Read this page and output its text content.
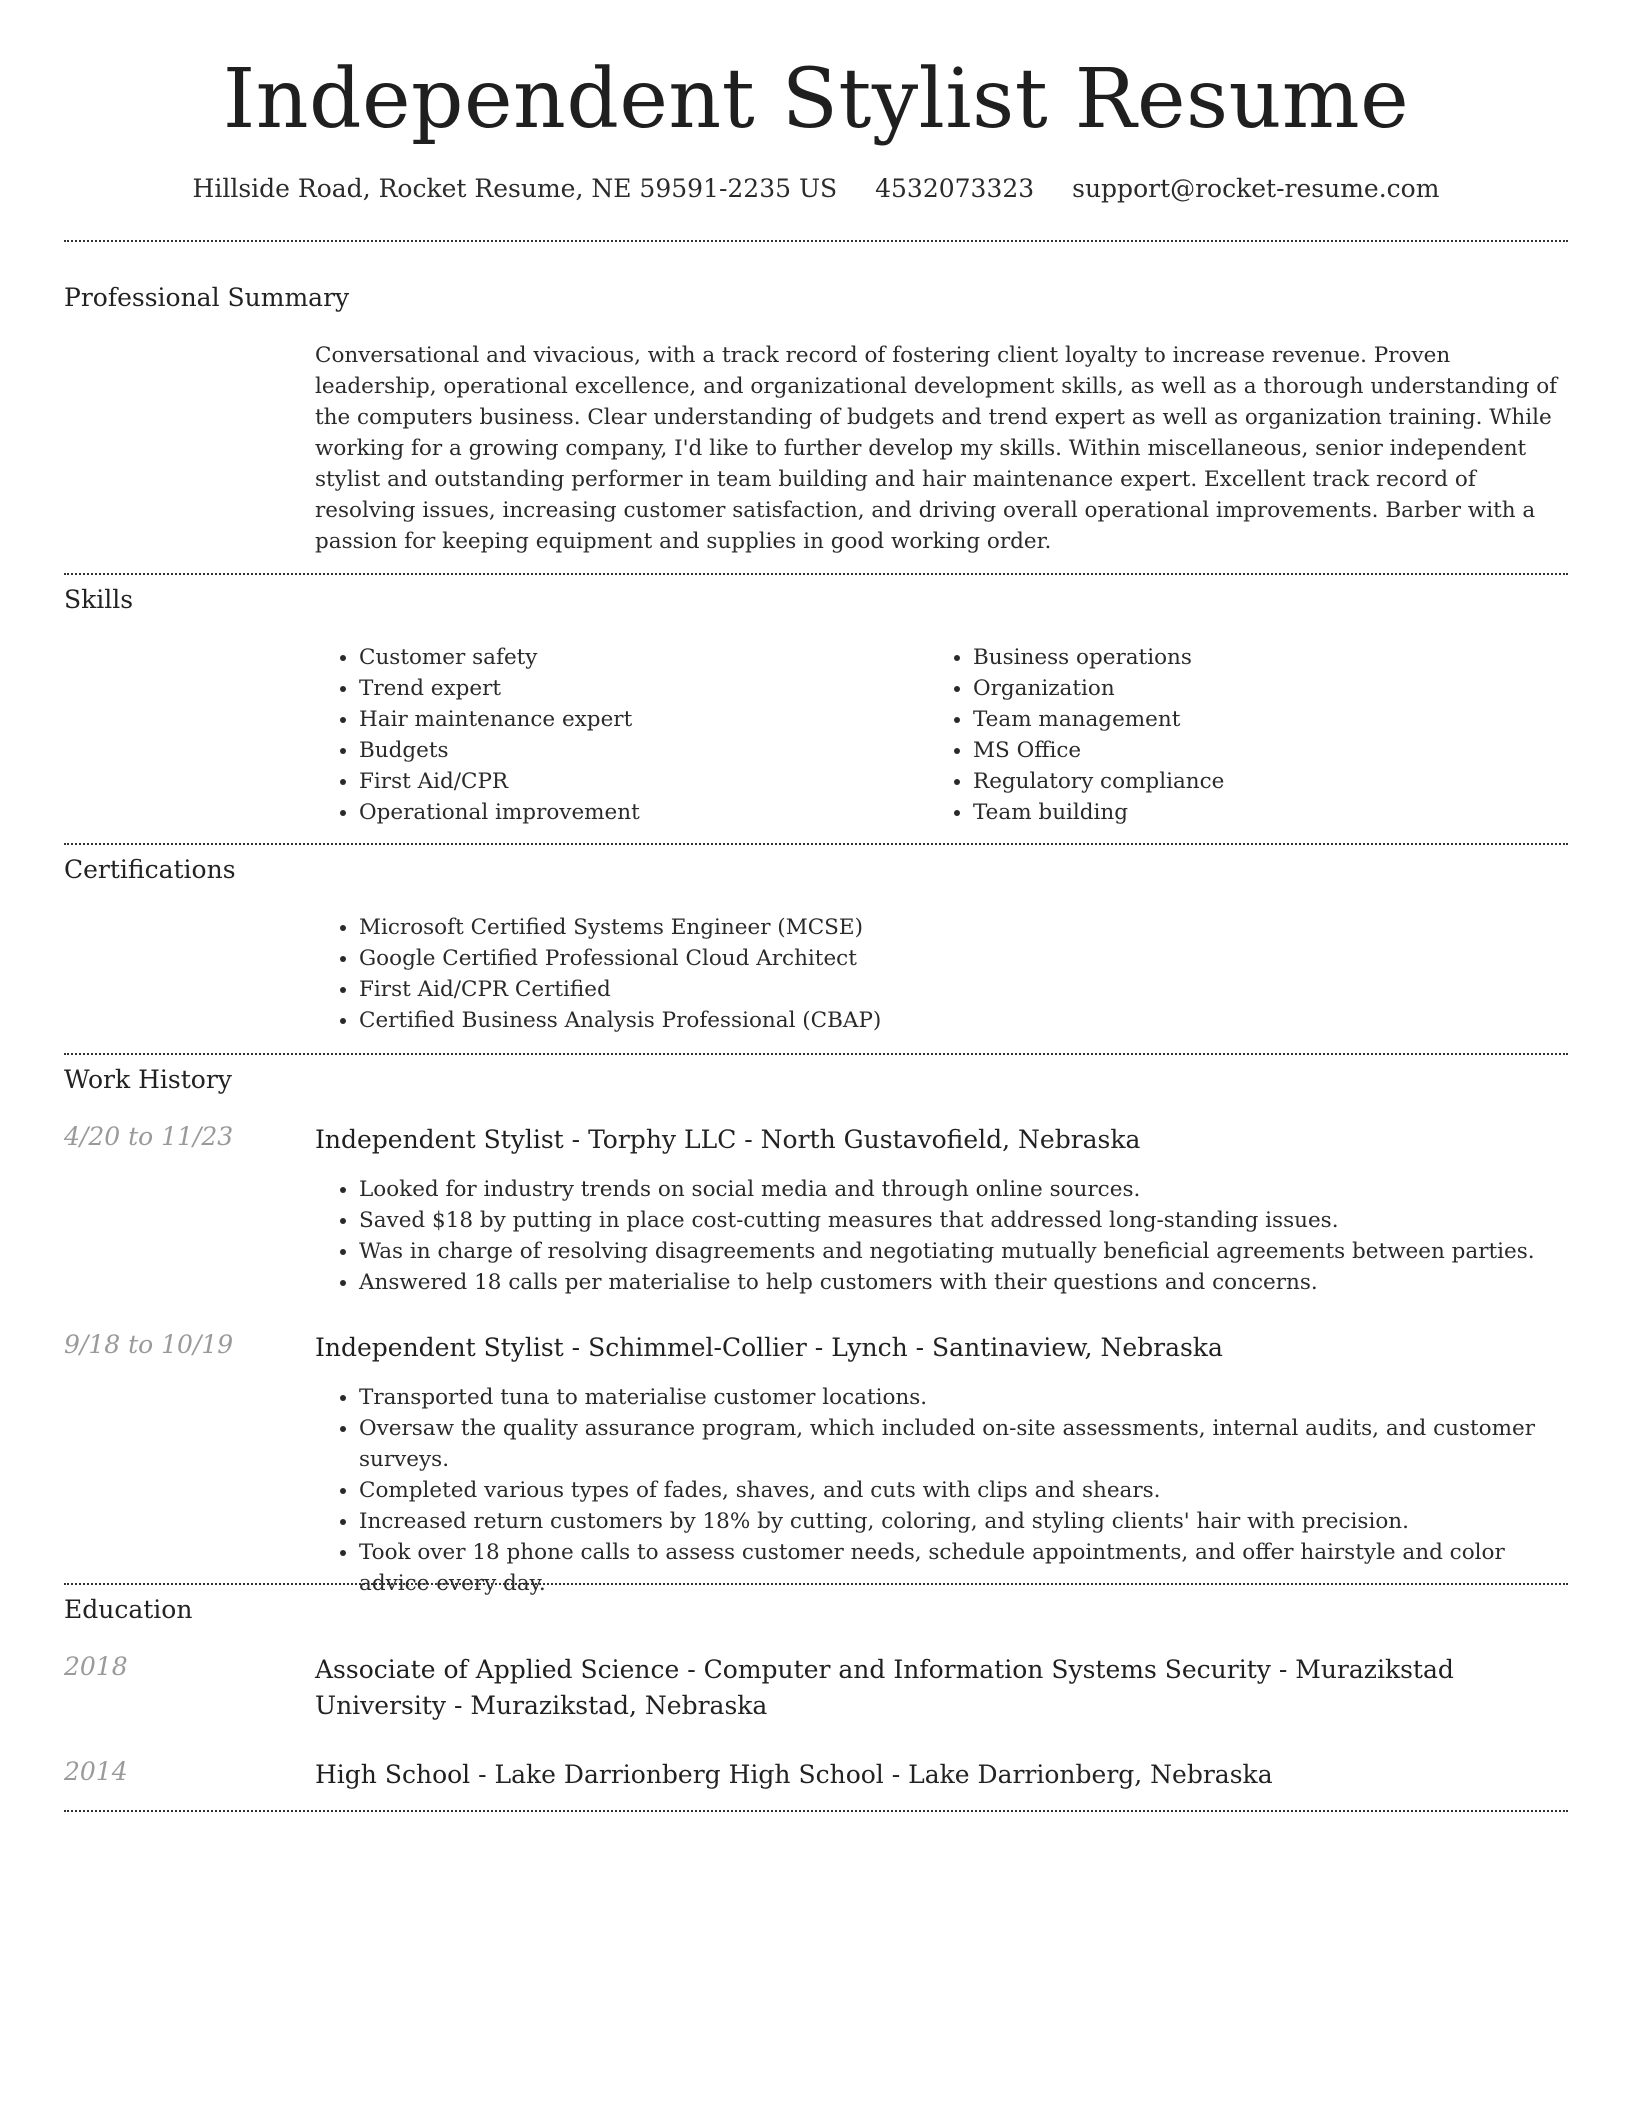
Independent Stylist Resume
Hillside Road, Rocket Resume, NE 59591-2235 US 4532073323 support@rocket-resume.com
Professional Summary

Conversational and vivacious, with a track record of fostering client loyalty to increase revenue. Proven leadership, operational excellence, and organizational development skills, as well as a thorough understanding of the computers business. Clear understanding of budgets and trend expert as well as organization training. While working for a growing company, I'd like to further develop my skills. Within miscellaneous, senior independent stylist and outstanding performer in team building and hair maintenance expert. Excellent track record of resolving issues, increasing customer satisfaction, and driving overall operational improvements. Barber with a passion for keeping equipment and supplies in good working order.

Skills
• Customer safety
• Trend expert
• Hair maintenance expert
• Budgets
• First Aid/CPR
• Operational improvement
• Business operations
• Organization
• Team management
• MS Office
• Regulatory compliance
• Team building
Certifications
• Microsoft Certified Systems Engineer (MCSE)
• Google Certified Professional Cloud Architect
• First Aid/CPR Certified
• Certified Business Analysis Professional (CBAP)
Work History
4/20 to 11/23	Independent Stylist - Torphy LLC - North Gustavofield, Nebraska
• Looked for industry trends on social media and through online sources.
• Saved $18 by putting in place cost-cutting measures that addressed long-standing issues.
• Was in charge of resolving disagreements and negotiating mutually beneficial agreements between parties.
• Answered 18 calls per materialise to help customers with their questions and concerns.
9/18 to 10/19	Independent Stylist - Schimmel-Collier - Lynch - Santinaview, Nebraska
• Transported tuna to materialise customer locations.
• Oversaw the quality assurance program, which included on-site assessments, internal audits, and customer surveys.
• Completed various types of fades, shaves, and cuts with clips and shears.
• Increased return customers by 18% by cutting, coloring, and styling clients' hair with precision.
• Took over 18 phone calls to assess customer needs, schedule appointments, and offer hairstyle and color advice every day.
Education
2018	Associate of Applied Science - Computer and Information Systems Security - Murazikstad University - Murazikstad, Nebraska
2014	High School - Lake Darrionberg High School - Lake Darrionberg, Nebraska
